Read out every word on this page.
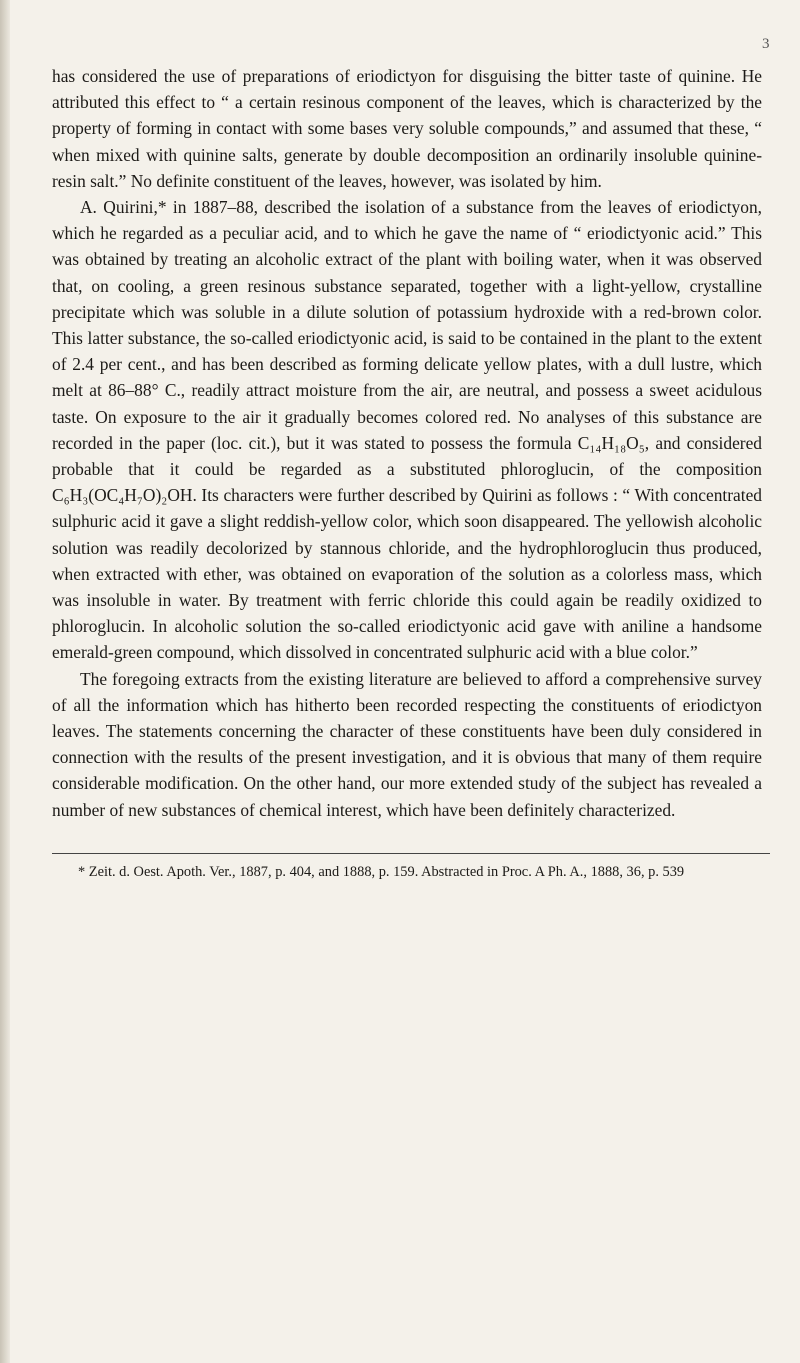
3

has considered the use of preparations of eriodictyon for disguising the bitter taste of quinine. He attributed this effect to “ a certain resinous component of the leaves, which is characterized by the property of forming in contact with some bases very soluble compounds,” and assumed that these, “ when mixed with quinine salts, generate by double decomposition an ordinarily insoluble quinine-resin salt.” No definite constituent of the leaves, however, was isolated by him.

A. Quirini,* in 1887–88, described the isolation of a substance from the leaves of eriodictyon, which he regarded as a peculiar acid, and to which he gave the name of “ eriodictyonic acid.” This was obtained by treating an alcoholic extract of the plant with boiling water, when it was observed that, on cooling, a green resinous substance separated, together with a light-yellow, crystalline precipitate which was soluble in a dilute solution of potassium hydroxide with a red-brown color. This latter substance, the so-called eriodictyonic acid, is said to be contained in the plant to the extent of 2.4 per cent., and has been described as forming delicate yellow plates, with a dull lustre, which melt at 86–88° C., readily attract moisture from the air, are neutral, and possess a sweet acidulous taste. On exposure to the air it gradually becomes colored red. No analyses of this substance are recorded in the paper (loc. cit.), but it was stated to possess the formula C₁₄H₁₈O₅, and considered probable that it could be regarded as a substituted phloroglucin, of the composition C₆H₃(OC₄H₇O)₂OH. Its characters were further described by Quirini as follows : “ With concentrated sulphuric acid it gave a slight reddish-yellow color, which soon disappeared. The yellowish alcoholic solution was readily decolorized by stannous chloride, and the hydrophloroglucin thus produced, when extracted with ether, was obtained on evaporation of the solution as a colorless mass, which was insoluble in water. By treatment with ferric chloride this could again be readily oxidized to phloroglucin. In alcoholic solution the so-called eriodictyonic acid gave with aniline a handsome emerald-green compound, which dissolved in concentrated sulphuric acid with a blue color.”

The foregoing extracts from the existing literature are believed to afford a comprehensive survey of all the information which has hitherto been recorded respecting the constituents of eriodictyon leaves. The statements concerning the character of these constituents have been duly considered in connection with the results of the present investigation, and it is obvious that many of them require considerable modification. On the other hand, our more extended study of the subject has revealed a number of new substances of chemical interest, which have been definitely characterized.

* Zeit. d. Oest. Apoth. Ver., 1887, p. 404, and 1888, p. 159. Abstracted in Proc. A Ph. A., 1888, 36, p. 539
